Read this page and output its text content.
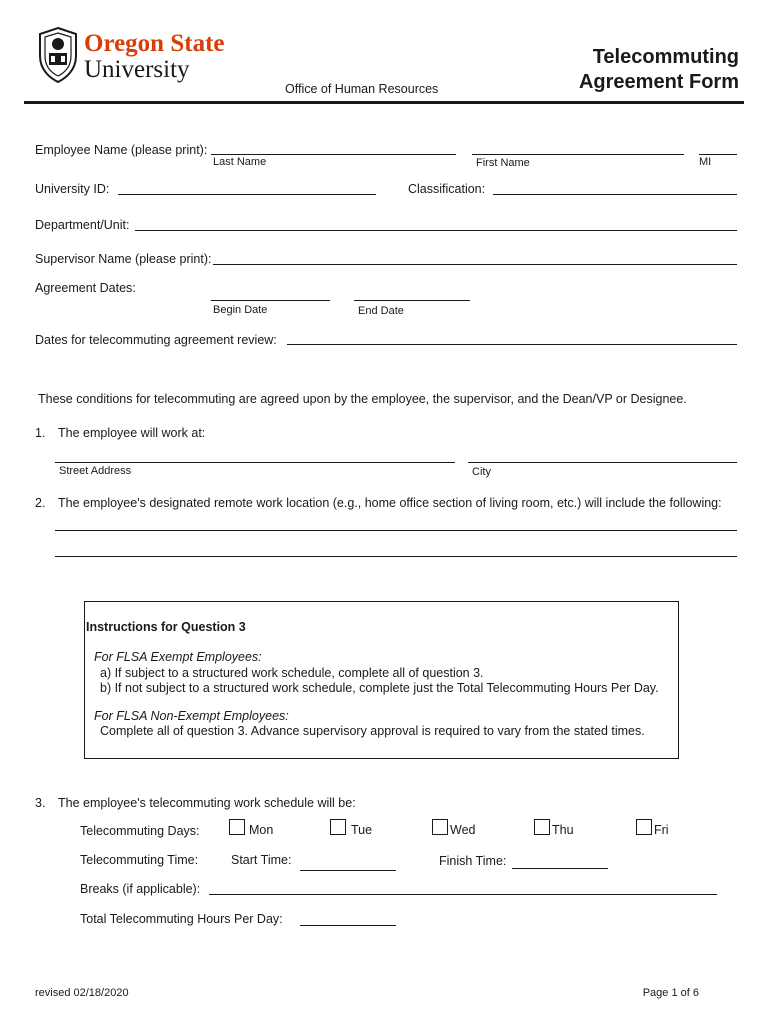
Oregon State
University
Office of Human Resources
Telecommuting
Agreement Form
Employee Name (please print):
Last Name	First Name	MI
University ID:	Classification:
Department/Unit:
Supervisor Name (please print):
Agreement Dates:
Begin Date	End Date
Dates for telecommuting agreement review:
These conditions for telecommuting are agreed upon by the employee, the supervisor, and the Dean/VP or Designee.
1. The employee will work at:
Street Address	City
2. The employee's designated remote work location (e.g., home office section of living room, etc.) will include the following:
Instructions for Question 3
For FLSA Exempt Employees:
a) If subject to a structured work schedule, complete all of question 3.
b) If not subject to a structured work schedule, complete just the Total Telecommuting Hours Per Day.
For FLSA Non-Exempt Employees:
Complete all of question 3. Advance supervisory approval is required to vary from the stated times.
3. The employee's telecommuting work schedule will be:
Telecommuting Days:	Mon	Tue	Wed	Thu	Fri
Telecommuting Time:	Start Time:	Finish Time:
Breaks (if applicable):
Total Telecommuting Hours Per Day:
revised 02/18/2020	Page 1 of 6
